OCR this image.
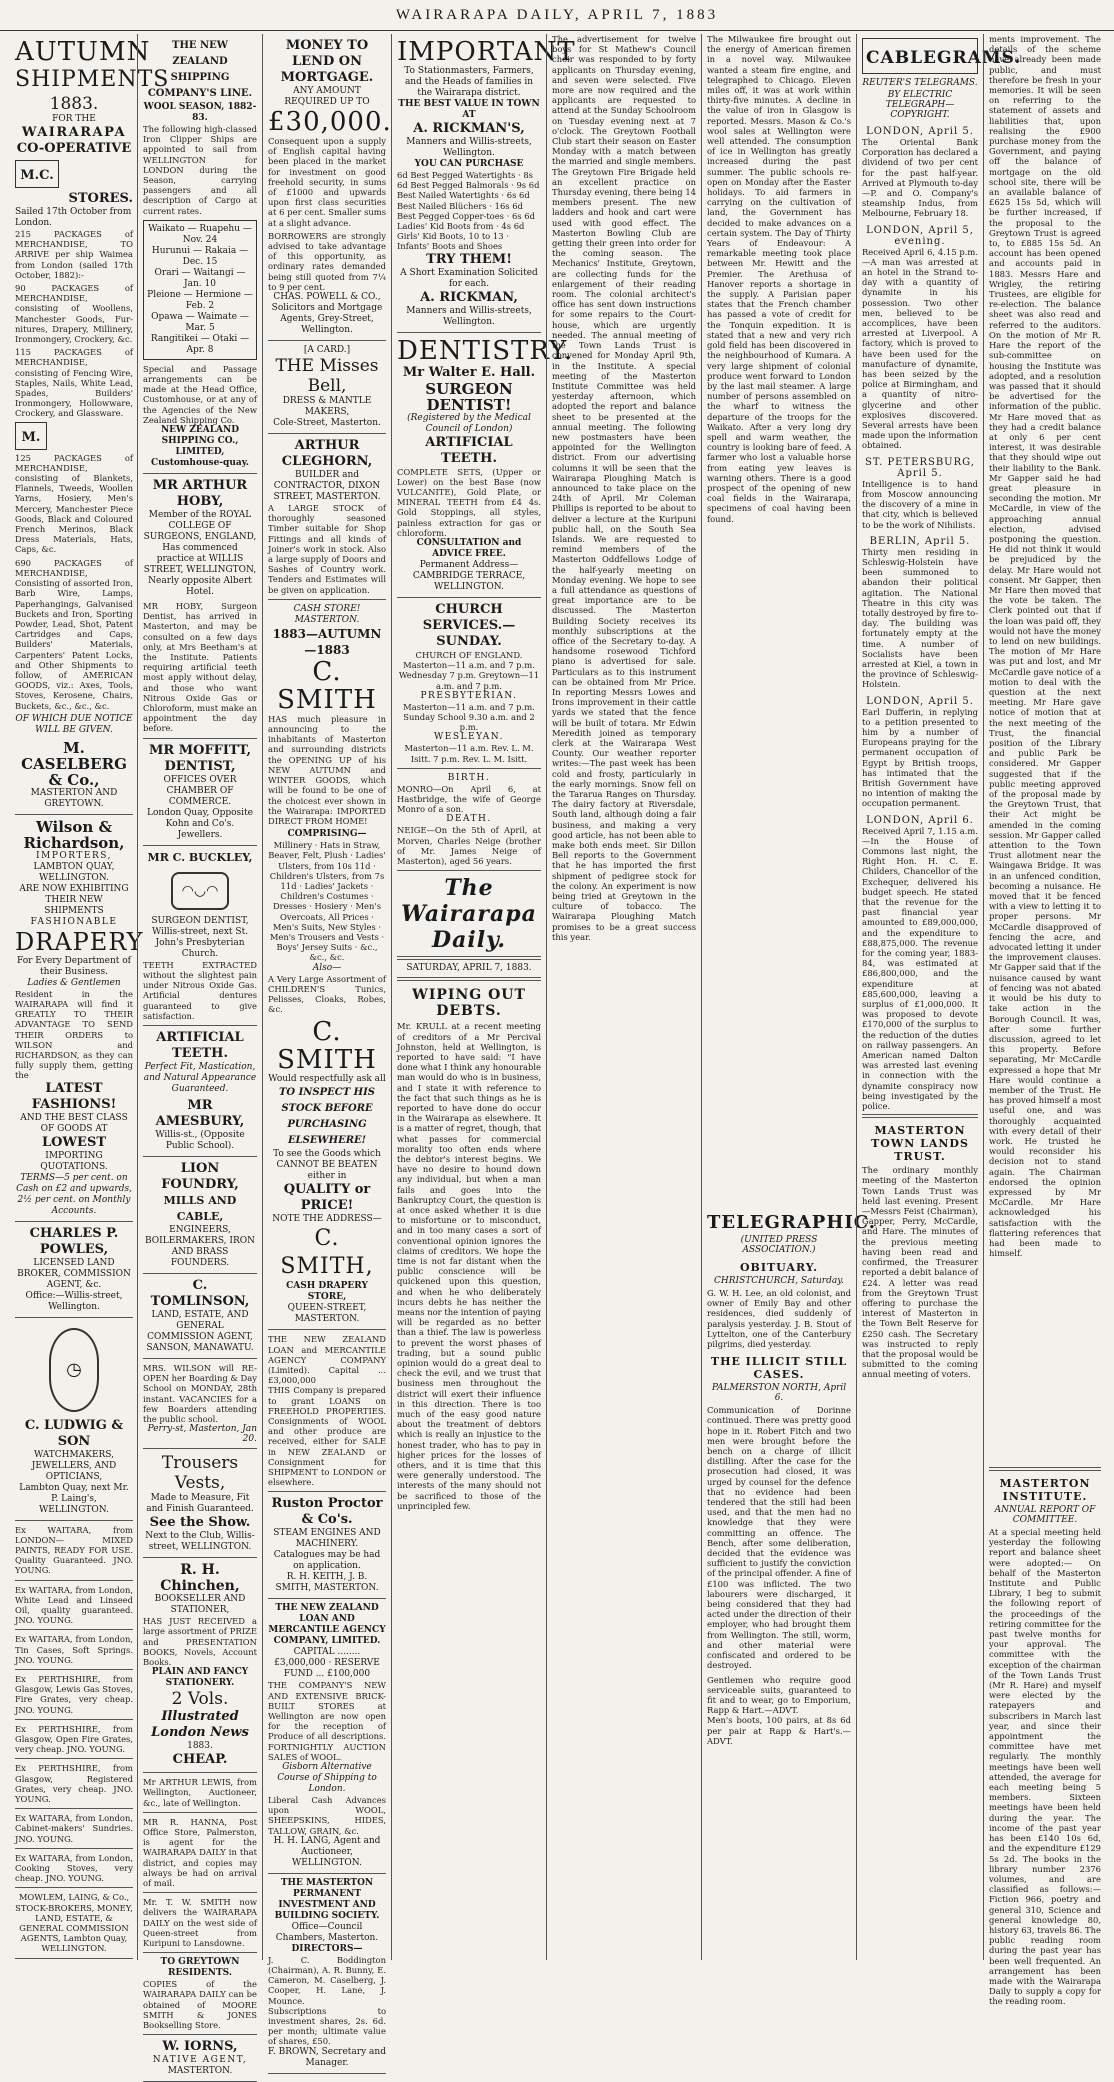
WAIRARAPA DAILY, APRIL 7, 1883
AUTUMN
SHIPMENTS
1883.
FOR THE
WAIRARAPA
CO-OPERATIVE
M.C.
STORES.
Sailed 17th October from London.
215 PACKAGES of MERCHANDISE, TO ARRIVE per ship Waimea from London (sailed 17th October, 1882):-
90 PACKAGES of MERCHANDISE, consisting of Woollens, Manchester Goods, Fur-nitures, Drapery, Millinery, Ironmongery, Crockery, &c.
115 PACKAGES of MERCHANDISE, consisting of Fencing Wire, Staples, Nails, White Lead, Spades, Builders' Ironmongery, Hollowware, Crockery, and Glassware.
M.
125 PACKAGES of MERCHANDISE, consisting of Blankets, Flannels, Tweeds, Woollen Yarns, Hosiery, Men's Mercery, Manchester Piece Goods, Black and Coloured French Merinos, Black Dress Materials, Hats, Caps, &c.
690 PACKAGES of MERCHANDISE, Consisting of assorted Iron, Barb Wire, Lamps, Paperhangings, Galvanised Buckets and Iron, Sporting Powder, Lead, Shot, Patent Cartridges and Caps, Builders' Materials, Carpenters' Patent Locks, and Other Shipments to follow, of AMERICAN GOODS, viz.: Axes, Tools, Stoves, Kerosene, Chairs, Buckets, &c., &c., &c.
OF WHICH DUE NOTICE WILL BE GIVEN.
M. CASELBERG & Co.,
MASTERTON AND GREYTOWN.
Wilson & Richardson,
IMPORTERS,
LAMBTON QUAY, WELLINGTON.
ARE NOW EXHIBITING THEIR NEW SHIPMENTS
FASHIONABLE
DRAPERY
For Every Department of their Business.
Ladies & Gentlemen
Resident in the WAIRARAPA will find it GREATLY TO THEIR ADVANTAGE TO SEND THEIR ORDERS to WILSON and RICHARDSON, as they can fully supply them, getting the
LATEST FASHIONS!
AND THE BEST CLASS OF GOODS AT
LOWEST
IMPORTING QUOTATIONS.
TERMS—5 per cent. on Cash on £2 and upwards, 2½ per cent. on Monthly Accounts.
CHARLES P. POWLES,
LICENSED LAND BROKER, COMMISSION AGENT, &c.
Office:—Willis-street, Wellington.
◷
C. LUDWIG & SON
WATCHMAKERS, JEWELLERS, AND OPTICIANS,
Lambton Quay, next Mr. P. Laing's, WELLINGTON.
Ex WAITARA, from LONDON— MIXED PAINTS, READY FOR USE. Quality Guaranteed. JNO. YOUNG.
Ex WAITARA, from London, White Lead and Linseed Oil, quality guaranteed. JNO. YOUNG.
Ex WAITARA, from London, Tin Cases, Soft Springs. JNO. YOUNG.
Ex PERTHSHIRE, from Glasgow, Lewis Gas Stoves, Fire Grates, very cheap. JNO. YOUNG.
Ex PERTHSHIRE, from Glasgow, Open Fire Grates, very cheap. JNO. YOUNG.
Ex PERTHSHIRE, from Glasgow, Registered Grates, very cheap. JNO. YOUNG.
Ex WAITARA, from London, Cabinet-makers' Sundries. JNO. YOUNG.
Ex WAITARA, from London, Cooking Stoves, very cheap. JNO. YOUNG.
MOWLEM, LAING, & Co., STOCK-BROKERS, MONEY, LAND, ESTATE, & GENERAL COMMISSION AGENTS, Lambton Quay, WELLINGTON.
THE NEW ZEALAND SHIPPING COMPANY'S LINE.
WOOL SEASON, 1882-83.
The following high-classed Iron Clipper Ships are appointed to sail from WELLINGTON for LONDON during the Season, carrying passengers and all description of Cargo at current rates.
Waikato — Ruapehu — Nov. 24
Hurunui — Rakaia — Dec. 15
Orari — Waitangi — Jan. 10
Pleione — Hermione — Feb. 2
Opawa — Waimate — Mar. 5
Rangitikei — Otaki — Apr. 8
Special and Passage arrangements can be made at the Head Office, Customhouse, or at any of the Agencies of the New Zealand Shipping Co.
NEW ZEALAND SHIPPING CO., LIMITED, Customhouse-quay.
MR ARTHUR HOBY,
Member of the ROYAL COLLEGE OF SURGEONS, ENGLAND,
Has commenced practice at WILLIS STREET, WELLINGTON, Nearly opposite Albert Hotel.
MR HOBY, Surgeon Dentist, has arrived in Masterton, and may be consulted on a few days only, at Mrs Beetham's at the Institute. Patients requiring artificial teeth most apply without delay, and those who want Nitrous Oxide Gas or Chloroform, must make an appointment the day before.
MR MOFFITT, DENTIST,
OFFICES OVER CHAMBER OF COMMERCE.
London Quay, Opposite Kohn and Co's. Jewellers.
MR C. BUCKLEY,
◠◡◠
SURGEON DENTIST, Willis-street, next St. John's Presbyterian Church.
TEETH EXTRACTED without the slightest pain under Nitrous Oxide Gas. Artificial dentures guaranteed to give satisfaction.
ARTIFICIAL TEETH.
Perfect Fit, Mastication, and Natural Appearance Guaranteed.
MR AMESBURY,
Willis-st., (Opposite Public School).
LION FOUNDRY,
MILLS AND CABLE,
ENGINEERS, BOILERMAKERS, IRON AND BRASS FOUNDERS.
C. TOMLINSON,
LAND, ESTATE, AND GENERAL COMMISSION AGENT, SANSON, MANAWATU.
MRS. WILSON will RE-OPEN her Boarding & Day School on MONDAY, 28th instant. VACANCIES for a few Boarders attending the public school.
Perry-st, Masterton, Jan 20.
Trousers
Vests,
Made to Measure, Fit and Finish Guaranteed.
See the Show.
Next to the Club, Willis-street, WELLINGTON.
R. H. Chinchen,
BOOKSELLER AND STATIONER,
HAS JUST RECEIVED a large assortment of PRIZE and PRESENTATION BOOKS, Novels, Account Books.
PLAIN AND FANCY STATIONERY.
2 Vols.
Illustrated London News
1883.
CHEAP.
Mr ARTHUR LEWIS, from Wellington, Auctioneer, &c., late of Wellington.
MR R. HANNA, Post Office Store, Palmerston, is agent for the WAIRARAPA DAILY in that district, and copies may always be had on arrival of mail.
Mr. T. W. SMITH now delivers the WAIRARAPA DAILY on the west side of Queen-street from Kuripuni to Lansdowne.
TO GREYTOWN RESIDENTS.
COPIES of the WAIRARAPA DAILY can be obtained of MOORE SMITH & JONES Bookselling Store.
W. IORNS,
NATIVE AGENT,
MASTERTON.
MONEY TO LEND ON MORTGAGE.
ANY AMOUNT REQUIRED UP TO
£30,000.
Consequent upon a supply of English capital having been placed in the market for investment on good freehold security, in sums of £1000 and upwards upon first class securities at 6 per cent. Smaller sums at a slight advance.
BORROWERS are strongly advised to take advantage of this opportunity, as ordinary rates demanded being still quoted from 7¼ to 9 per cent.
CHAS. POWELL & CO., Solicitors and Mortgage Agents, Grey-Street, Wellington.
[A CARD.]
THE Misses Bell,
DRESS & MANTLE MAKERS,
Cole-Street, Masterton.
ARTHUR CLEGHORN,
BUILDER and CONTRACTOR, DIXON STREET, MASTERTON.
A LARGE STOCK of thoroughly seasoned Timber suitable for Shop Fittings and all kinds of Joiner's work in stock. Also a large supply of Doors and Sashes of Country work. Tenders and Estimates will be given on application.
CASH STORE! MASTERTON.
1883—AUTUMN—1883
C. SMITH
HAS much pleasure in announcing to the inhabitants of Masterton and surrounding districts the OPENING UP of his NEW AUTUMN and WINTER GOODS, which will be found to be one of the choicest ever shown in the Wairarapa: IMPORTED DIRECT FROM HOME!
COMPRISING—
Millinery · Hats in Straw, Beaver, Felt, Plush · Ladies' Ulsters, from 10s 11d · Children's Ulsters, from 7s 11d · Ladies' Jackets · Children's Costumes · Dresses · Hosiery · Men's Overcoats, All Prices · Men's Suits, New Styles · Men's Trousers and Vests · Boys' Jersey Suits · &c., &c., &c.
Also—
A Very Large Assortment of CHILDREN'S Tunics, Pelisses, Cloaks, Robes, &c.
C. SMITH
Would respectfully ask all
TO INSPECT HIS STOCK BEFORE PURCHASING ELSEWHERE!
To see the Goods which CANNOT BE BEATEN either in
QUALITY or PRICE!
NOTE THE ADDRESS—
C. SMITH,
CASH DRAPERY STORE,
QUEEN-STREET, MASTERTON.
THE NEW ZEALAND LOAN and MERCANTILE AGENCY COMPANY (Limited). Capital ... £3,000,000
THIS Company is prepared to grant LOANS on FREEHOLD PROPERTIES. Consignments of WOOL and other produce are received, either for SALE in NEW ZEALAND or Consignment for SHIPMENT to LONDON or elsewhere.
Ruston Proctor & Co's.
STEAM ENGINES AND MACHINERY.
Catalogues may be had on application.
R. H. KEITH, J. B. SMITH, MASTERTON.
THE NEW ZEALAND LOAN AND MERCANTILE AGENCY COMPANY, LIMITED.
CAPITAL ........ £3,000,000 · RESERVE FUND ... £100,000
THE COMPANY'S NEW AND EXTENSIVE BRICK-BUILT STORES at Wellington are now open for the reception of Produce of all descriptions. FORTNIGHTLY AUCTION SALES of WOOL.
Gisborn Alternative Course of Shipping to London.
Liberal Cash Advances upon WOOL, SHEEPSKINS, HIDES, TALLOW, GRAIN, &c.
H. H. LANG, Agent and Auctioneer, WELLINGTON.
THE MASTERTON PERMANENT INVESTMENT AND BUILDING SOCIETY.
Office—Council Chambers, Masterton.
DIRECTORS—
J. C. Boddington (Chairman), A. R. Bunny, E. Cameron, M. Caselberg, J. Cooper, H. Lane, J. Mounce.
Subscriptions to investment shares, 2s. 6d. per month; ultimate value of shares, £50.
F. BROWN, Secretary and Manager.
IMPORTANT
To Stationmasters, Farmers, and the Heads of families in the Wairarapa district.
THE BEST VALUE IN TOWN AT
A. RICKMAN'S,
Manners and Willis-streets, Wellington.
YOU CAN PURCHASE
6d Best Pegged Watertights · 8s 6d Best Pegged Balmorals · 9s 6d Best Nailed Watertights · 6s 6d Best Nailed Blüchers · 16s 6d Best Pegged Copper-toes · 6s 6d Ladies' Kid Boots from · 4s 6d Girls' Kid Boots, 10 to 13 · Infants' Boots and Shoes
TRY THEM!
A Short Examination Solicited for each.
A. RICKMAN,
Manners and Willis-streets, Wellington.
DENTISTRY.
Mr Walter E. Hall.
SURGEON DENTIST!
(Registered by the Medical Council of London)
ARTIFICIAL TEETH.
COMPLETE SETS, (Upper or Lower) on the best Base (now VULCANITE), Gold Plate, or MINERAL TEETH from £4 4s. Gold Stoppings, all styles, painless extraction for gas or chloroform.
CONSULTATION and ADVICE FREE.
Permanent Address—CAMBRIDGE TERRACE, WELLINGTON.
CHURCH SERVICES.—SUNDAY.
CHURCH OF ENGLAND. Masterton—11 a.m. and 7 p.m. Wednesday 7 p.m. Greytown—11 a.m. and 7 p.m.
PRESBYTERIAN.
Masterton—11 a.m. and 7 p.m. Sunday School 9.30 a.m. and 2 p.m.
WESLEYAN.
Masterton—11 a.m. Rev. L. M. Isitt. 7 p.m. Rev. L. M. Isitt.
BIRTH.
MONRO—On April 6, at Hastbridge, the wife of George Monro of a son.
DEATH.
NEIGE—On the 5th of April, at Morven, Charles Neige (brother of Mr. James Neige of Masterton), aged 56 years.
The Wairarapa Daily.
SATURDAY, APRIL 7, 1883.
WIPING OUT DEBTS.
Mr. KRULL at a recent meeting of creditors of a Mr Percival Johnston, held at Wellington, is reported to have said: "I have done what I think any honourable man would do who is in business, and I state it with reference to the fact that such things as he is reported to have done do occur in the Wairarapa as elsewhere. It is a matter of regret, though, that what passes for commercial morality too often ends where the debtor's interest begins. We have no desire to hound down any individual, but when a man fails and goes into the Bankruptcy Court, the question is at once asked whether it is due to misfortune or to misconduct, and in too many cases a sort of conventional opinion ignores the claims of creditors. We hope the time is not far distant when the public conscience will be quickened upon this question, and when he who deliberately incurs debts he has neither the means nor the intention of paying will be regarded as no better than a thief. The law is powerless to prevent the worst phases of trading, but a sound public opinion would do a great deal to check the evil, and we trust that business men throughout the district will exert their influence in this direction. There is too much of the easy good nature about the treatment of debtors which is really an injustice to the honest trader, who has to pay in higher prices for the losses of others, and it is time that this were generally understood. The interests of the many should not be sacrificed to those of the unprincipled few.
The advertisement for twelve boys for St Mathew's Council choir was responded to by forty applicants on Thursday evening, and seven were selected. Five more are now required and the applicants are requested to attend at the Sunday Schoolroom on Tuesday evening next at 7 o'clock. The Greytown Football Club start their season on Easter Monday with a match between the married and single members. The Greytown Fire Brigade held an excellent practice on Thursday evening, there being 14 members present. The new ladders and hook and cart were used with good effect. The Masterton Bowling Club are getting their green into order for the coming season. The Mechanics' Institute, Greytown, are collecting funds for the enlargement of their reading room. The colonial architect's office has sent down instructions for some repairs to the Court-house, which are urgently needed. The annual meeting of the Town Lands Trust is convened for Monday April 9th, in the Institute. A special meeting of the Masterton Institute Committee was held yesterday afternoon, which adopted the report and balance sheet to be presented at the annual meeting. The following new postmasters have been appointed for the Wellington district. From our advertising columns it will be seen that the Wairarapa Ploughing Match is announced to take place on the 24th of April. Mr Coleman Phillips is reported to be about to deliver a lecture at the Kuripuni public hall, on the South Sea Islands. We are requested to remind members of the Masterton Oddfellows Lodge of the half-yearly meeting on Monday evening. We hope to see a full attendance as questions of great importance are to be discussed. The Masterton Building Society receives its monthly subscriptions at the office of the Secretary to-day. A handsome rosewood Tichford piano is advertised for sale. Particulars as to this instrument can be obtained from Mr Price. In reporting Messrs Lowes and Irons improvement in their cattle yards we stated that the fence will be built of totara. Mr Edwin Meredith joined as temporary clerk at the Wairarapa West County. Our weather reporter writes:—The past week has been cold and frosty, particularly in the early mornings. Snow fell on the Tararua Ranges on Thursday. The dairy factory at Riversdale, South land, although doing a fair business, and making a very good article, has not been able to make both ends meet. Sir Dillon Bell reports to the Government that he has imported the first shipment of pedigree stock for the colony. An experiment is now being tried at Greytown in the culture of tobacco. The Wairarapa Ploughing Match promises to be a great success this year.
The Milwaukee fire brought out the energy of American firemen in a novel way. Milwaukee wanted a steam fire engine, and telegraphed to Chicago. Eleven miles off, it was at work within thirty-five minutes. A decline in the value of iron in Glasgow is reported. Messrs. Mason & Co.'s wool sales at Wellington were well attended. The consumption of ice in Wellington has greatly increased during the past summer. The public schools re-open on Monday after the Easter holidays. To aid farmers in carrying on the cultivation of land, the Government has decided to make advances on a certain system. The Day of Thirty Years of Endeavour: A remarkable meeting took place between Mr. Hewitt and the Premier. The Arethusa of Hanover reports a shortage in the supply. A Parisian paper states that the French chamber has passed a vote of credit for the Tonquin expedition. It is stated that a new and very rich gold field has been discovered in the neighbourhood of Kumara. A very large shipment of colonial produce went forward to London by the last mail steamer. A large number of persons assembled on the wharf to witness the departure of the troops for the Waikato. After a very long dry spell and warm weather, the country is looking bare of feed. A farmer who lost a valuable horse from eating yew leaves is warning others. There is a good prospect of the opening of new coal fields in the Wairarapa, specimens of coal having been found.
TELEGRAPHIC.
(UNITED PRESS ASSOCIATION.)
OBITUARY.
CHRISTCHURCH, Saturday.
G. W. H. Lee, an old colonist, and owner of Emily Bay and other residences, died suddenly of paralysis yesterday. J. B. Stout of Lyttelton, one of the Canterbury pilgrims, died yesterday.
THE ILLICIT STILL CASES.
PALMERSTON NORTH, April 6.
Communication of Dorinne continued. There was pretty good hope in it. Robert Fitch and two men were brought before the bench on a charge of illicit distilling. After the case for the prosecution had closed, it was urged by counsel for the defence that no evidence had been tendered that the still had been used, and that the men had no knowledge that they were committing an offence. The Bench, after some deliberation, decided that the evidence was sufficient to justify the conviction of the principal offender. A fine of £100 was inflicted. The two labourers were discharged, it being considered that they had acted under the direction of their employer, who had brought them from Wellington. The still, worm, and other material were confiscated and ordered to be destroyed.
Gentlemen who require good serviceable suits, guaranteed to fit and to wear, go to Emporium, Rapp & Hart.—ADVT.
Men's boots, 100 pairs, at 8s 6d per pair at Rapp & Hart's.—ADVT.
CABLEGRAMS.
REUTER'S TELEGRAMS.
BY ELECTRIC TELEGRAPH—COPYRIGHT.
LONDON, April 5.
The Oriental Bank Corporation has declared a dividend of two per cent for the past half-year. Arrived at Plymouth to-day—P. and O. Company's steamship Indus, from Melbourne, February 18.
LONDON, April 5, evening.
Received April 6, 4.15 p.m.—A man was arrested at an hotel in the Strand to-day with a quantity of dynamite in his possession. Two other men, believed to be accomplices, have been arrested at Liverpool. A factory, which is proved to have been used for the manufacture of dynamite, has been seized by the police at Birmingham, and a quantity of nitro-glycerine and other explosives discovered. Several arrests have been made upon the information obtained.
ST. PETERSBURG, April 5.
Intelligence is to hand from Moscow announcing the discovery of a mine in that city, which is believed to be the work of Nihilists.
BERLIN, April 5.
Thirty men residing in Schleswig-Holstein have been summoned to abandon their political agitation. The National Theatre in this city was totally destroyed by fire to-day. The building was fortunately empty at the time. A number of Socialists have been arrested at Kiel, a town in the province of Schleswig-Holstein.
LONDON, April 5.
Earl Dufferin, in replying to a petition presented to him by a number of Europeans praying for the permanent occupation of Egypt by British troops, has intimated that the British Government have no intention of making the occupation permanent.
LONDON, April 6.
Received April 7, 1.15 a.m.—In the House of Commons last night, the Right Hon. H. C. E. Childers, Chancellor of the Exchequer, delivered his budget speech. He stated that the revenue for the past financial year amounted to £89,000,000, and the expenditure to £88,875,000. The revenue for the coming year, 1883-84, was estimated at £86,800,000, and the expenditure at £85,600,000, leaving a surplus of £1,000,000. It was proposed to devote £170,000 of the surplus to the reduction of the duties on railway passengers. An American named Dalton was arrested last evening in connection with the dynamite conspiracy now being investigated by the police.
MASTERTON TOWN LANDS TRUST.
The ordinary monthly meeting of the Masterton Town Lands Trust was held last evening. Present—Messrs Feist (Chairman), Gapper, Perry, McCardle, and Hare. The minutes of the previous meeting having been read and confirmed, the Treasurer reported a debit balance of £24. A letter was read from the Greytown Trust offering to purchase the interest of Masterton in the Town Belt Reserve for £250 cash. The Secretary was instructed to reply that the proposal would be submitted to the coming annual meeting of voters.
ments improvement. The details of the scheme have already been made public, and must therefore be fresh in your memories. It will be seen on referring to the statement of assets and liabilities that, upon realising the £900 purchase money from the Government, and paying off the balance of mortgage on the old school site, there will be an available balance of £625 15s 5d, which will be further increased, if the proposal to the Greytown Trust is agreed to, to £885 15s 5d. An account has been opened and accounts paid in 1883. Messrs Hare and Wrigley, the retiring Trustees, are eligible for re-election. The balance sheet was also read and referred to the auditors. On the motion of Mr R. Hare the report of the sub-committee on housing the Institute was adopted, and a resolution was passed that it should be advertised for the information of the public. Mr Hare moved that as they had a credit balance at only 6 per cent interest, it was desirable that they should wipe out their liability to the Bank. Mr Gapper said he had great pleasure in seconding the motion. Mr McCardle, in view of the approaching annual election, advised postponing the question. He did not think it would be prejudiced by the delay. Mr Hare would not consent. Mr Gapper, then Mr Hare then moved that the vote be taken. The Clerk pointed out that if the loan was paid off, they would not have the money to lend on new buildings. The motion of Mr Hare was put and lost, and Mr McCardle gave notice of a motion to deal with the question at the next meeting. Mr Hare gave notice of motion that at the next meeting of the Trust, the financial position of the Library and public Park be considered. Mr Gapper suggested that if the public meeting approved of the proposal made by the Greytown Trust, that their Act might be amended in the coming session. Mr Gapper called attention to the Town Trust allotment near the Waingawa Bridge. It was in an unfenced condition, becoming a nuisance. He moved that it be fenced with a view to letting it to proper persons. Mr McCardle disapproved of fencing the acre, and advocated letting it under the improvement clauses. Mr Gapper said that if the nuisance caused by want of fencing was not abated it would be his duty to take action in the Borough Council. It was, after some further discussion, agreed to let this property. Before separating, Mr McCardle expressed a hope that Mr Hare would continue a member of the Trust. He has proved himself a most useful one, and was thoroughly acquainted with every detail of their work. He trusted he would reconsider his decision not to stand again. The Chairman endorsed the opinion expressed by Mr McCardle. Mr Hare acknowledged his satisfaction with the flattering references that had been made to himself.
MASTERTON INSTITUTE.
ANNUAL REPORT OF COMMITTEE.
At a special meeting held yesterday the following report and balance sheet were adopted:— On behalf of the Masterton Institute and Public Library, I beg to submit the following report of the proceedings of the retiring committee for the past twelve months for your approval. The committee with the exception of the chairman of the Town Lands Trust (Mr R. Hare) and myself were elected by the ratepayers and subscribers in March last year, and since their appointment the committee have met regularly. The monthly meetings have been well attended, the average for each meeting being 5 members. Sixteen meetings have been held during the year. The income of the past year has been £140 10s 6d, and the expenditure £129 5s 2d. The books in the library number 2376 volumes, and are classified as follows:—Fiction 966, poetry and general 310, Science and general knowledge 80, history 63, travels 86. The public reading room during the past year has been well frequented. An arrangement has been made with the Wairarapa Daily to supply a copy for the reading room.
